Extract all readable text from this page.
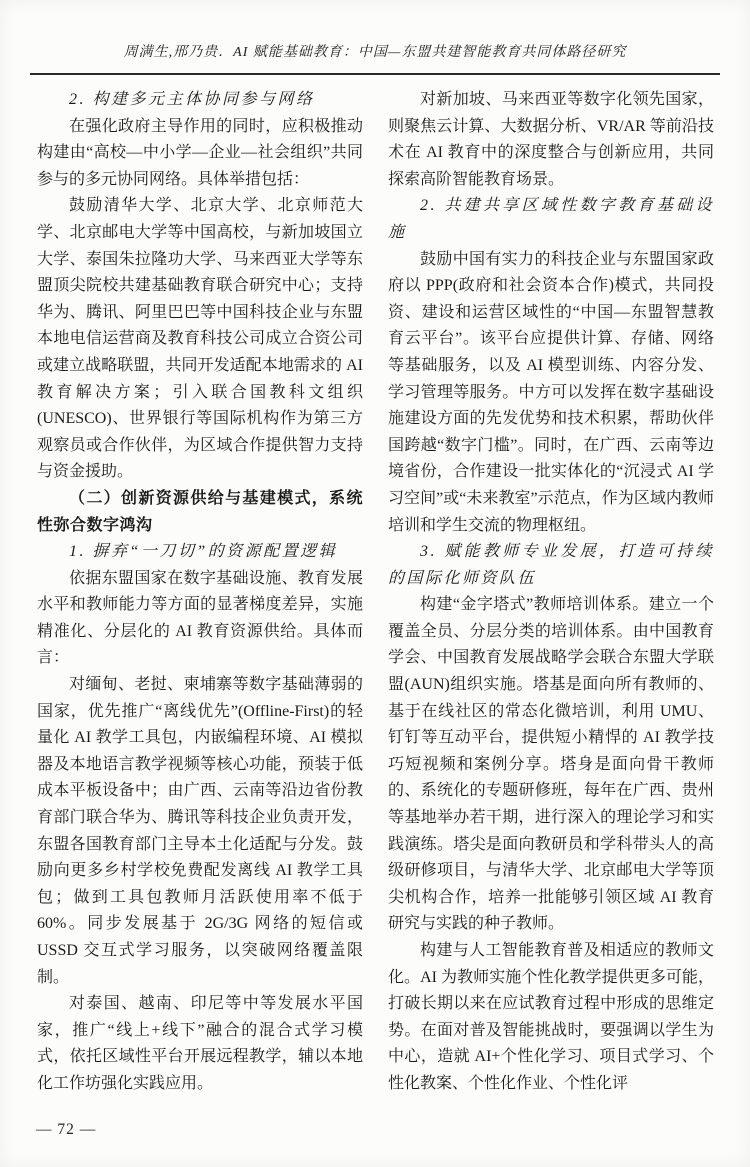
周满生,邢乃贵．AI 赋能基础教育：中国—东盟共建智能教育共同体路径研究

2. 构建多元主体协同参与网络

在强化政府主导作用的同时，应积极推动构建由“高校—中小学—企业—社会组织”共同参与的多元协同网络。具体举措包括：

鼓励清华大学、北京大学、北京师范大学、北京邮电大学等中国高校，与新加坡国立大学、泰国朱拉隆功大学、马来西亚大学等东盟顶尖院校共建基础教育联合研究中心；支持华为、腾讯、阿里巴巴等中国科技企业与东盟本地电信运营商及教育科技公司成立合资公司或建立战略联盟，共同开发适配本地需求的 AI 教育解决方案；引入联合国教科文组织(UNESCO)、世界银行等国际机构作为第三方观察员或合作伙伴，为区域合作提供智力支持与资金援助。

（二）创新资源供给与基建模式，系统性弥合数字鸿沟

1. 摒弃“一刀切”的资源配置逻辑

依据东盟国家在数字基础设施、教育发展水平和教师能力等方面的显著梯度差异，实施精准化、分层化的 AI 教育资源供给。具体而言：

对缅甸、老挝、柬埔寨等数字基础薄弱的国家，优先推广“离线优先”(Offline-First)的轻量化 AI 教学工具包，内嵌编程环境、AI 模拟器及本地语言教学视频等核心功能，预装于低成本平板设备中；由广西、云南等沿边省份教育部门联合华为、腾讯等科技企业负责开发，东盟各国教育部门主导本土化适配与分发。鼓励向更多乡村学校免费配发离线 AI 教学工具包；做到工具包教师月活跃使用率不低于 60%。同步发展基于 2G/3G 网络的短信或 USSD 交互式学习服务，以突破网络覆盖限制。

对泰国、越南、印尼等中等发展水平国家，推广“线上+线下”融合的混合式学习模式，依托区域性平台开展远程教学，辅以本地化工作坊强化实践应用。

对新加坡、马来西亚等数字化领先国家，则聚焦云计算、大数据分析、VR/AR 等前沿技术在 AI 教育中的深度整合与创新应用，共同探索高阶智能教育场景。

2. 共建共享区域性数字教育基础设施

鼓励中国有实力的科技企业与东盟国家政府以 PPP(政府和社会资本合作)模式，共同投资、建设和运营区域性的“中国—东盟智慧教育云平台”。该平台应提供计算、存储、网络等基础服务，以及 AI 模型训练、内容分发、学习管理等服务。中方可以发挥在数字基础设施建设方面的先发优势和技术积累，帮助伙伴国跨越“数字门槛”。同时，在广西、云南等边境省份，合作建设一批实体化的“沉浸式 AI 学习空间”或“未来教室”示范点，作为区域内教师培训和学生交流的物理枢纽。

3. 赋能教师专业发展，打造可持续的国际化师资队伍

构建“金字塔式”教师培训体系。建立一个覆盖全员、分层分类的培训体系。由中国教育学会、中国教育发展战略学会联合东盟大学联盟(AUN)组织实施。塔基是面向所有教师的、基于在线社区的常态化微培训，利用 UMU、钉钉等互动平台，提供短小精悍的 AI 教学技巧短视频和案例分享。塔身是面向骨干教师的、系统化的专题研修班，每年在广西、贵州等基地举办若干期，进行深入的理论学习和实践演练。塔尖是面向教研员和学科带头人的高级研修项目，与清华大学、北京邮电大学等顶尖机构合作，培养一批能够引领区域 AI 教育研究与实践的种子教师。

构建与人工智能教育普及相适应的教师文化。AI 为教师实施个性化教学提供更多可能，打破长期以来在应试教育过程中形成的思维定势。在面对普及智能挑战时，要强调以学生为中心，造就 AI+个性化学习、项目式学习、个性化教案、个性化作业、个性化评

— 72 —
